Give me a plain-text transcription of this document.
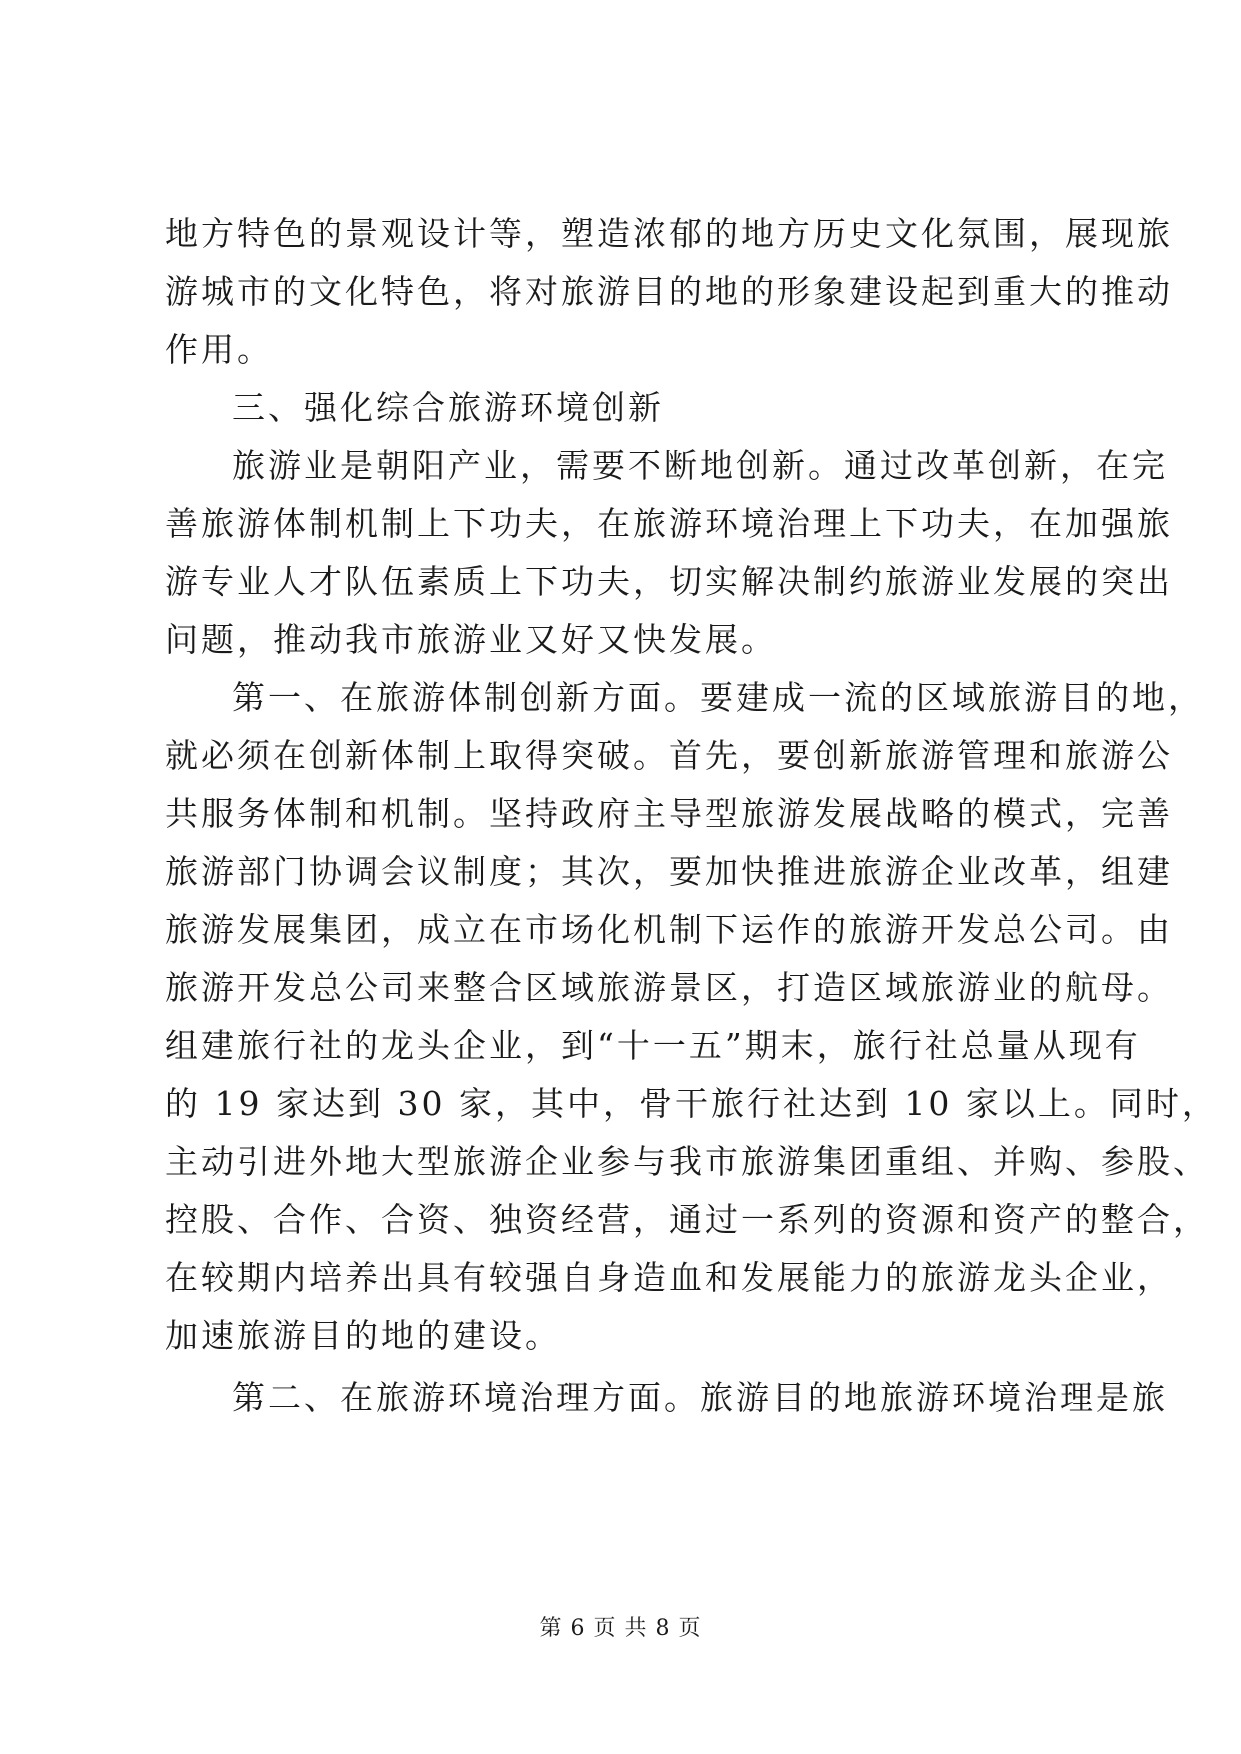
地方特色的景观设计等，塑造浓郁的地方历史文化氛围，展现旅
游城市的文化特色，将对旅游目的地的形象建设起到重大的推动
作用。
三、强化综合旅游环境创新
旅游业是朝阳产业，需要不断地创新。通过改革创新，在完
善旅游体制机制上下功夫，在旅游环境治理上下功夫，在加强旅
游专业人才队伍素质上下功夫，切实解决制约旅游业发展的突出
问题，推动我市旅游业又好又快发展。
第一、在旅游体制创新方面。要建成一流的区域旅游目的地，
就必须在创新体制上取得突破。首先，要创新旅游管理和旅游公
共服务体制和机制。坚持政府主导型旅游发展战略的模式，完善
旅游部门协调会议制度；其次，要加快推进旅游企业改革，组建
旅游发展集团，成立在市场化机制下运作的旅游开发总公司。由
旅游开发总公司来整合区域旅游景区，打造区域旅游业的航母。
组建旅行社的龙头企业，到“十一五”期末，旅行社总量从现有
的 19 家达到 30 家，其中，骨干旅行社达到 10 家以上。同时，
主动引进外地大型旅游企业参与我市旅游集团重组、并购、参股、
控股、合作、合资、独资经营，通过一系列的资源和资产的整合，
在较期内培养出具有较强自身造血和发展能力的旅游龙头企业，
加速旅游目的地的建设。
第二、在旅游环境治理方面。旅游目的地旅游环境治理是旅
第 6 页 共 8 页
